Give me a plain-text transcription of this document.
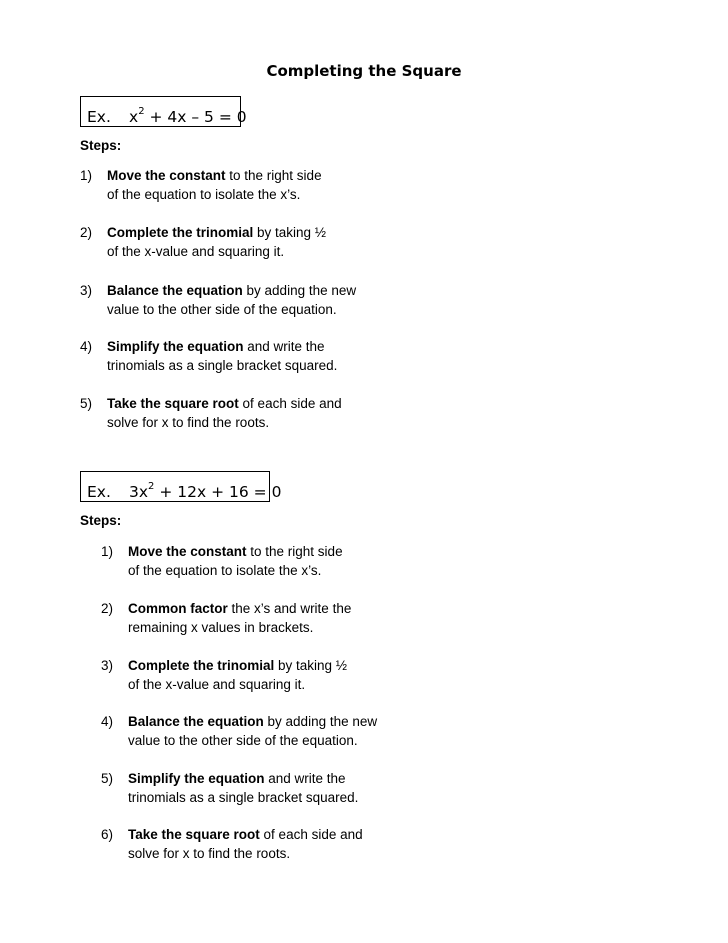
Completing the Square
Ex. $x^2 + 4x - 5 = 0$
Steps:
1) Move the constant to the right side
of the equation to isolate the x’s.
2) Complete the trinomial by taking ½
of the x-value and squaring it.
3) Balance the equation by adding the new
value to the other side of the equation.
4) Simplify the equation and write the
trinomials as a single bracket squared.
5) Take the square root of each side and
solve for x to find the roots.
Ex. $3x^2 + 12x + 16 = 0$
Steps:
1) Move the constant to the right side
of the equation to isolate the x’s.
2) Common factor the x’s and write the
remaining x values in brackets.
3) Complete the trinomial by taking ½
of the x-value and squaring it.
4) Balance the equation by adding the new
value to the other side of the equation.
5) Simplify the equation and write the
trinomials as a single bracket squared.
6) Take the square root of each side and
solve for x to find the roots.
